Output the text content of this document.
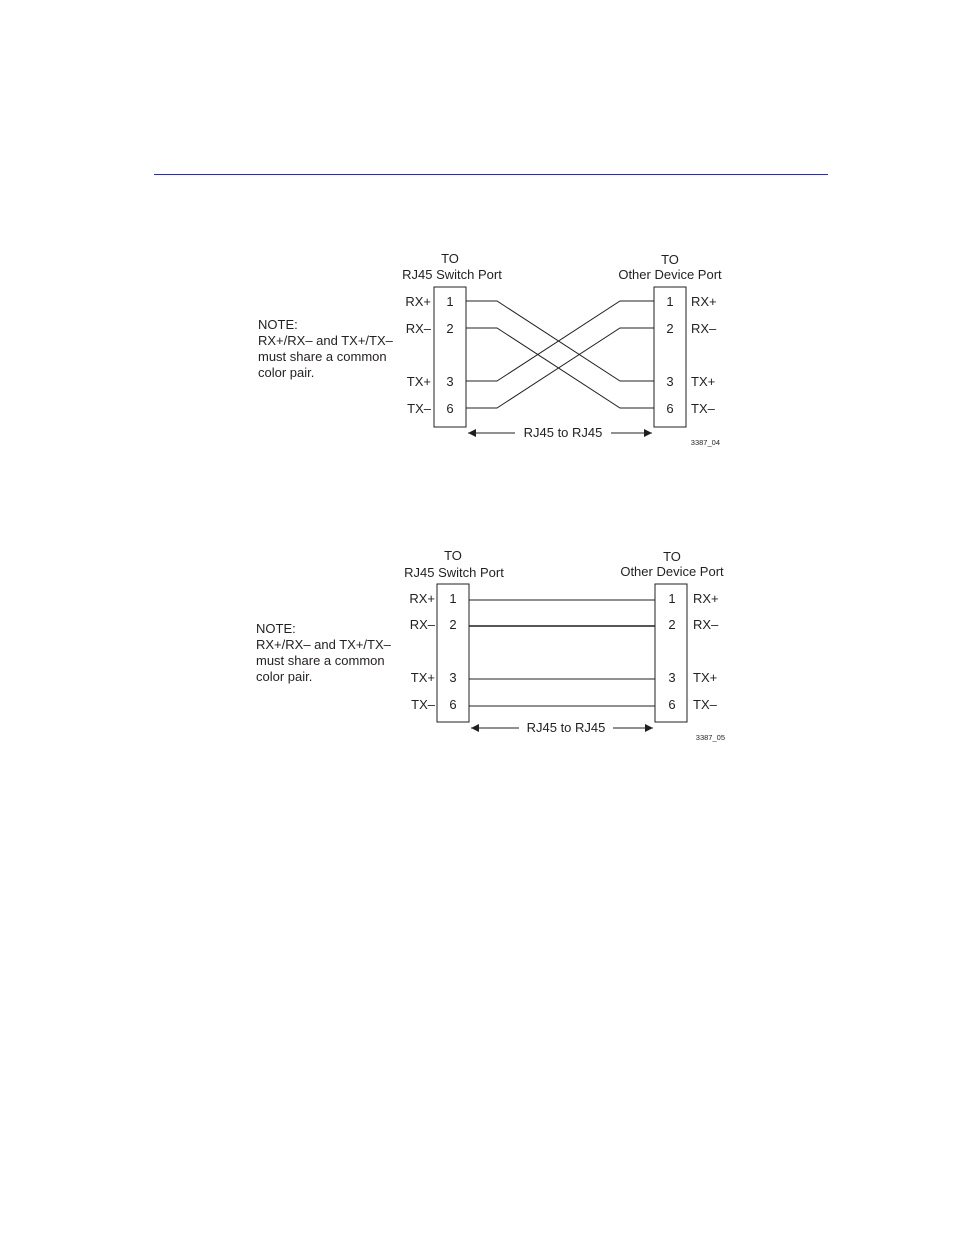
TO
RJ45 Switch Port
TO
Other Device Port
RX+
RX–
TX+
TX–
1
2
3
6
1
2
3
6
RX+
RX–
TX+
TX–
NOTE:
RX+/RX– and TX+/TX–
must share a common
color pair.
RJ45 to RJ45
3387_04
TO
RJ45 Switch Port
TO
Other Device Port
RX+
RX–
TX+
TX–
1
2
3
6
1
2
3
6
RX+
RX–
TX+
TX–
NOTE:
RX+/RX– and TX+/TX–
must share a common
color pair.
RJ45 to RJ45
3387_05
